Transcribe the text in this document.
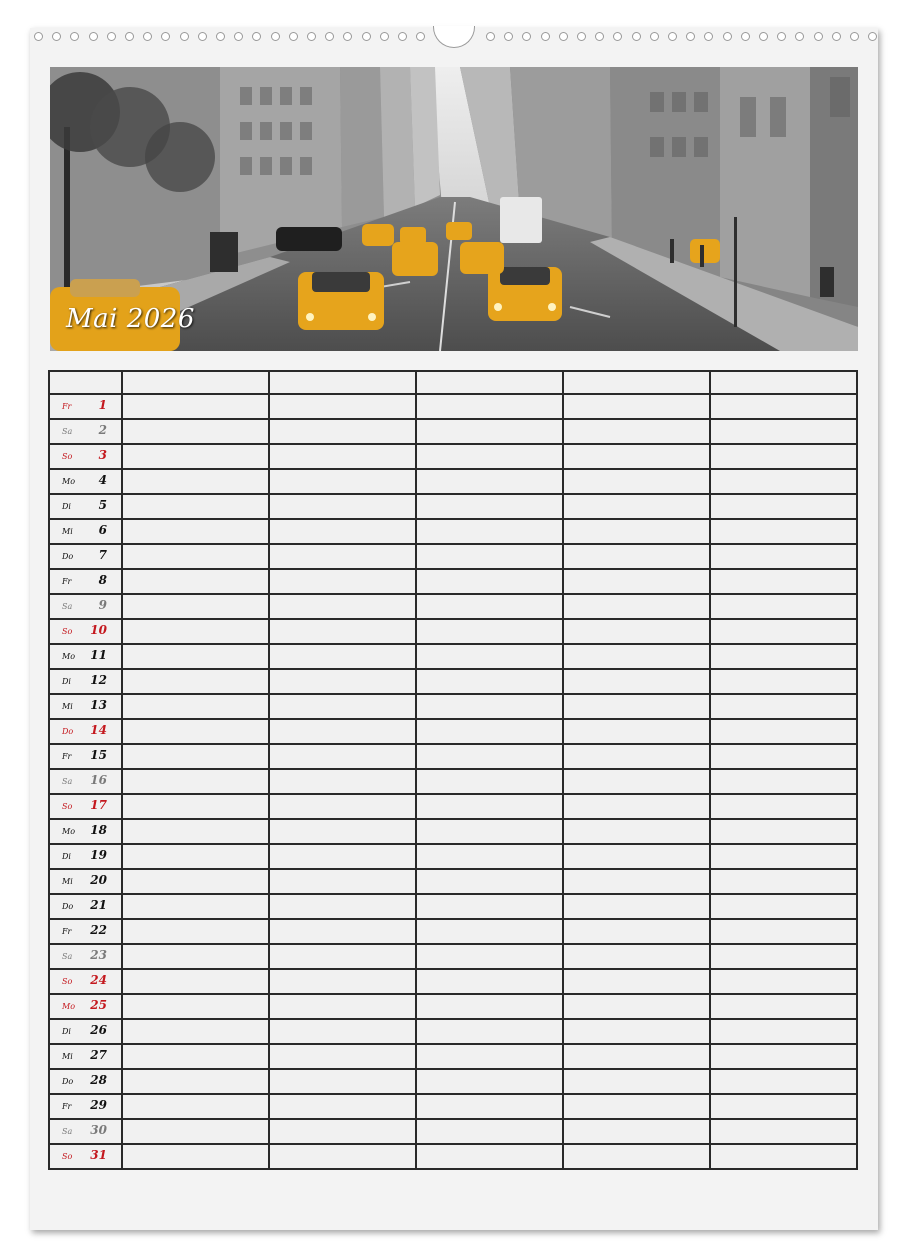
Mai 2026

Fr 1					

Sa 2					

So 3					

Mo 4					

Di 5					

Mi 6					

Do 7					

Fr 8					

Sa 9					

So 10					

Mo 11					

Di 12					

Mi 13					

Do 14					

Fr 15					

Sa 16					

So 17					

Mo 18					

Di 19					

Mi 20					

Do 21					

Fr 22					

Sa 23					

So 24					

Mo 25					

Di 26					

Mi 27					

Do 28					

Fr 29					

Sa 30					

So 31					
